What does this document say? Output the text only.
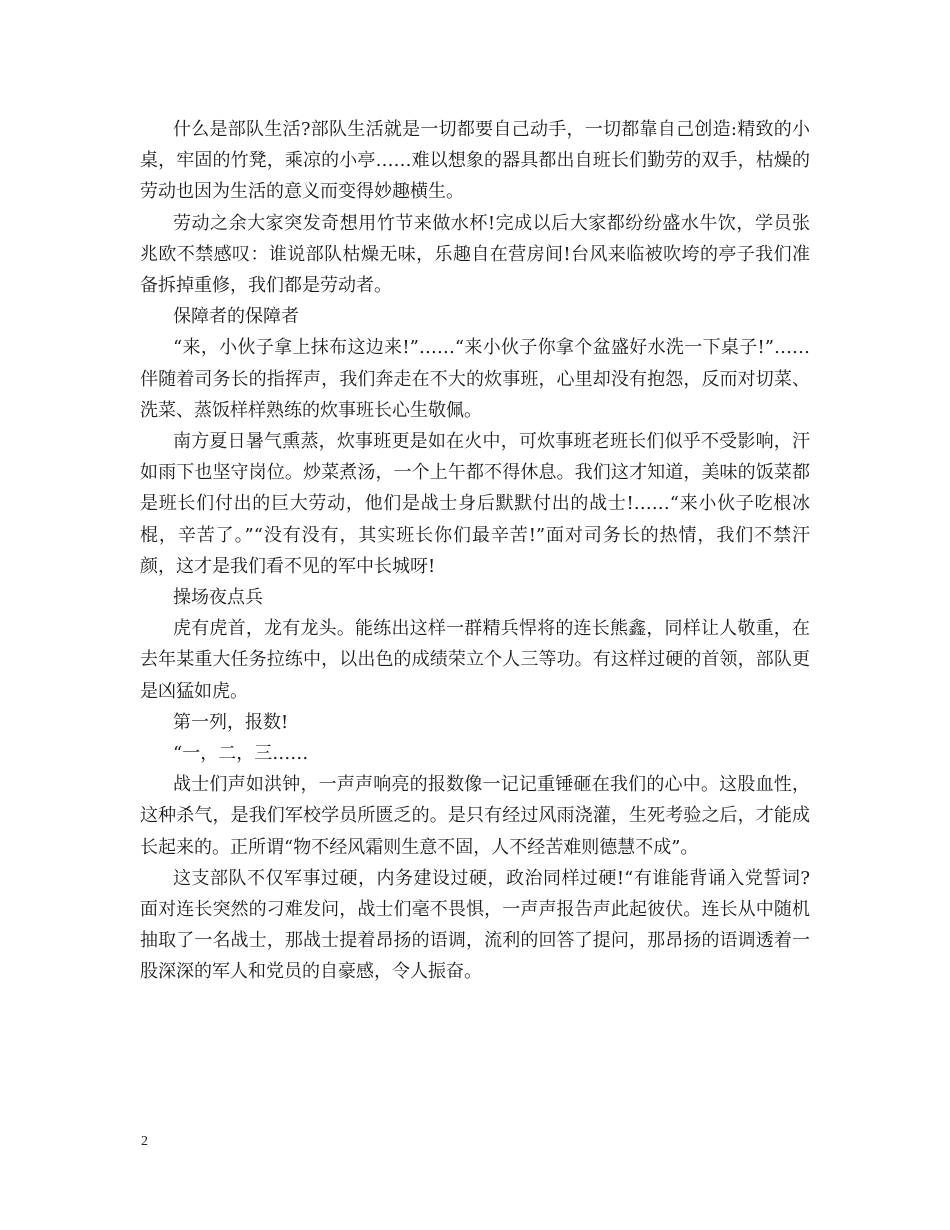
什么是部队生活?部队生活就是一切都要自己动手，一切都靠自己创造:精致的小桌，牢固的竹凳，乘凉的小亭……难以想象的器具都出自班长们勤劳的双手，枯燥的劳动也因为生活的意义而变得妙趣横生。

劳动之余大家突发奇想用竹节来做水杯!完成以后大家都纷纷盛水牛饮，学员张兆欧不禁感叹：谁说部队枯燥无味，乐趣自在营房间!台风来临被吹垮的亭子我们准备拆掉重修，我们都是劳动者。

保障者的保障者

“来，小伙子拿上抹布这边来!”……“来小伙子你拿个盆盛好水洗一下桌子!”……伴随着司务长的指挥声，我们奔走在不大的炊事班，心里却没有抱怨，反而对切菜、洗菜、蒸饭样样熟练的炊事班长心生敬佩。

南方夏日暑气熏蒸，炊事班更是如在火中，可炊事班老班长们似乎不受影响，汗如雨下也坚守岗位。炒菜煮汤，一个上午都不得休息。我们这才知道，美味的饭菜都是班长们付出的巨大劳动，他们是战士身后默默付出的战士!……“来小伙子吃根冰棍，辛苦了。”“没有没有，其实班长你们最辛苦!”面对司务长的热情，我们不禁汗颜，这才是我们看不见的军中长城呀!

操场夜点兵

虎有虎首，龙有龙头。能练出这样一群精兵悍将的连长熊鑫，同样让人敬重，在去年某重大任务拉练中，以出色的成绩荣立个人三等功。有这样过硬的首领，部队更是凶猛如虎。

第一列，报数!

“一，二，三……

战士们声如洪钟，一声声响亮的报数像一记记重锤砸在我们的心中。这股血性，这种杀气，是我们军校学员所匮乏的。是只有经过风雨浇灌，生死考验之后，才能成长起来的。正所谓“物不经风霜则生意不固，人不经苦难则德慧不成”。

这支部队不仅军事过硬，内务建设过硬，政治同样过硬!“有谁能背诵入党誓词?面对连长突然的刁难发问，战士们毫不畏惧，一声声报告声此起彼伏。连长从中随机抽取了一名战士，那战士提着昂扬的语调，流利的回答了提问，那昂扬的语调透着一股深深的军人和党员的自豪感，令人振奋。

2
